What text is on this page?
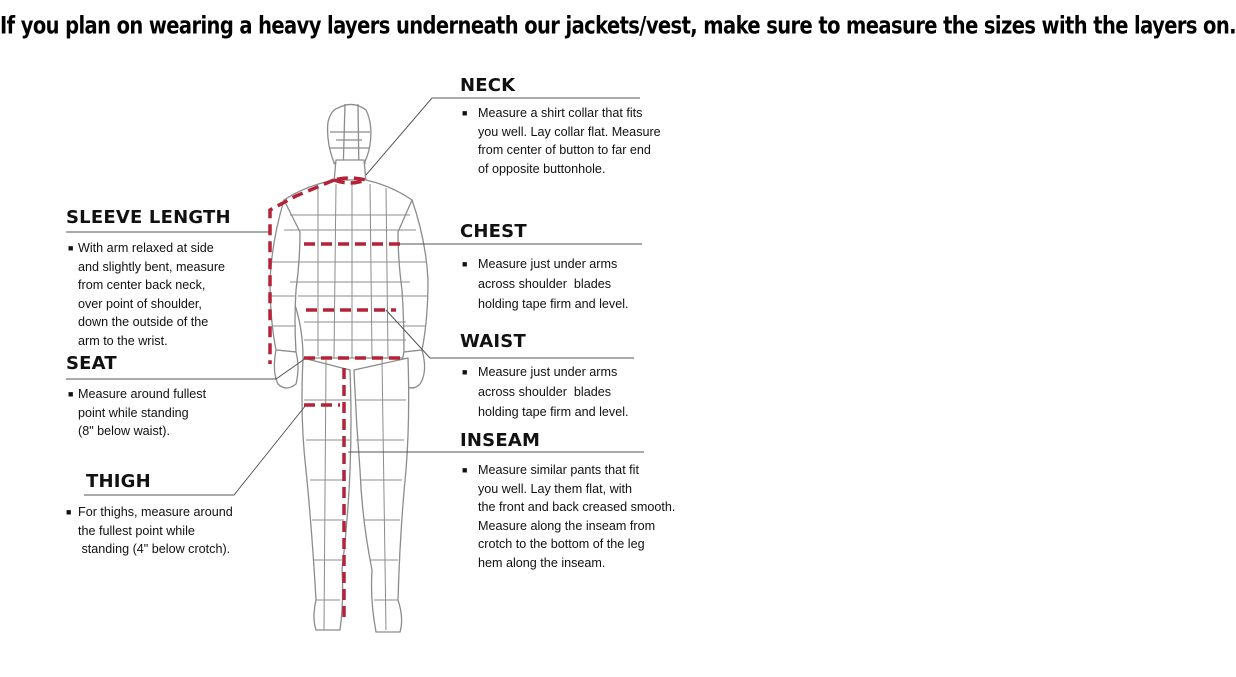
If you plan on wearing a heavy layers underneath our jackets/vest, make sure to measure the sizes with the layers on.
NECK

■ Measure a shirt collar that fits
you well. Lay collar flat. Measure
from center of button to far end
of opposite buttonhole.

CHEST

■ Measure just under arms
across shoulder  blades
holding tape firm and level.

WAIST

■ Measure just under arms
across shoulder  blades
holding tape firm and level.

INSEAM

■ Measure similar pants that fit
you well. Lay them flat, with
the front and back creased smooth.
Measure along the inseam from
crotch to the bottom of the leg
hem along the inseam.

SLEEVE LENGTH

■ With arm relaxed at side
and slightly bent, measure
from center back neck,
over point of shoulder,
down the outside of the
arm to the wrist.

SEAT

■ Measure around fullest
point while standing
(8" below waist).

THIGH

■ For thighs, measure around
the fullest point while
standing (4" below crotch).
